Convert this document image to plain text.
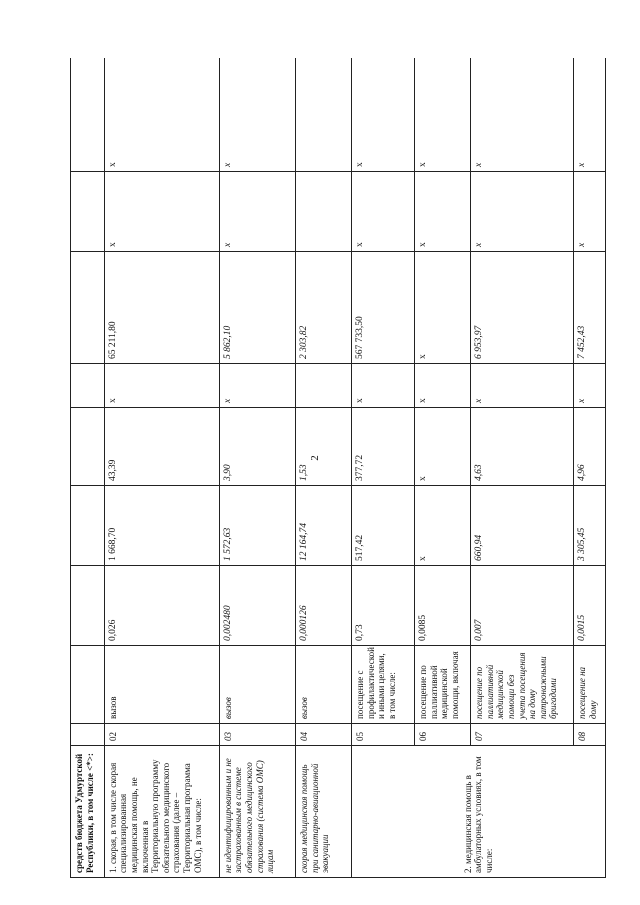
2
средств бюджета Удмуртской Республики, в том числе <*>:									
1. скорая, в том числе скорая специализированная медицинская помощь, не включенная в Территориальную программу обязательного медицинского страхования (далее – Территориальная программа ОМС), в том числе:	02	вызов	0,026	1 668,70	43,39	x	65 211,80	x	x
не идентифицированным и не застрахованным в системе обязательного медицинского страхования (система ОМС) лицам	03	вызов	0,002480	1 572,63	3,90	x	5 862,10	x	x
скорая медицинская помощь при санитарно-авиационной эвакуации	04	вызов	0,000126	12 164,74	1,53		2 303,82		
2. медицинская помощь в амбулаторных условиях, в том числе:	05	посещение с профилактической и иными целями, в том числе:	0,73	517,42	377,72	x	567 733,50	x	x
	06	посещение по паллиативной медицинской помощи, включая	0,0085	x	x	x	x	x	x
	07	посещение по паллиативной медицинской помощи без учета посещения на дому патронажными бригадами	0,007	660,94	4,63	x	6 953,97	x	x
	08	посещение на дому	0,0015	3 305,45	4,96	x	7 452,43	x	x
